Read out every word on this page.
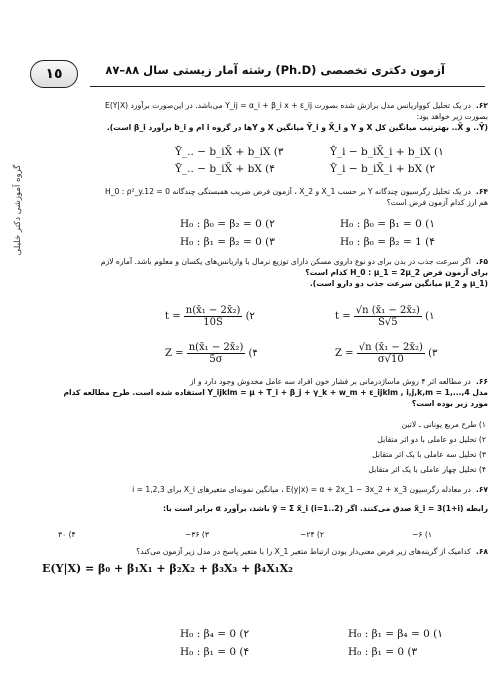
١٥	آزمون دکتری تخصصی (Ph.D) رشته آمار زیستی سال ۸۸–۸۷
گروه آموزشی دکتر خلیلی
۶۲.در یک تحلیل کوواریانس مدل برازش شده بصورت Y_ij = α_i + β_i x + ε_ij می‌باشد. در این‌صورت برآورد E(Y|X)
بصورت زیر خواهد بود:
(Ȳ.. و X̄.. بهترتیب میانگین کل X و Y و X̄_i و Ȳ_i میانگین X و Yها در گروه i ام و b_i برآورد β_i است).
Ȳ_i − b_iX̄_i + b_iX (١
Ȳ_i − b_iX̄_i + bX (٢
Ȳ_.. − b_iX̄ + b_iX (٣
Ȳ_.. − b_iX̄ + bX (۴
۶۴.در یک تحلیل رگرسیون چندگانه Y بر حسب X_1 و X_2 ، آزمون فرض ضریب همبستگی چندگانه H_0 : ρ²_y.12 = 0
هم ارز کدام آزمون فرض است؟
H₀ : β₀ = β₁ = 0 (١
H₀ : β₀ = β₂ = 1 (۴
H₀ : β₀ = β₂ = 0 (٢
H₀ : β₁ = β₂ = 0 (٣
۶۵.اگر سرعت جذب در بدن برای دو نوع داروی مسکن دارای توزیع نرمال با واریانس‌های یکسان و معلوم باشد. آماره لازم
برای آزمون فرض H_0 : μ_1 = 2μ_2 کدام است؟
(μ_1 و μ_2 میانگین سرعت جذب دو دارو است).
$t = \frac{\text{√n (x̄₁ − 2x̄₂)}}{S√5}$ (١
$t = \frac{\text{n(x̄₁ − 2x̄₂)}}{10S}$ (٢
$Z = \frac{\text{√n (x̄₁ − 2x̄₂)}}{\sigma√10}$ (٣
$Z = \frac{\text{n(x̄₁ − 2x̄₂)}}{5\sigma}$ (۴
۶۶.در مطالعه اثر ۴ روش ماساژدرمانی بر فشار خون افراد سه عامل مخدوش وجود دارد و از
مدل Y_ijklm = μ + T_i + β_j + γ_k + w_m + ε_ijklm , i,j,k,m = 1,...,4 استفاده شده است. طرح مطالعه کدام
مورد زیر بوده است؟
۱) طرح مربع یونانی ـ لاتین
۲) تحلیل دو عاملی با دو اثر متقابل
۳) تحلیل سه عاملی با یک اثر متقابل
۴) تحلیل چهار عاملی با یک اثر متقابل
۶۷.در معادله رگرسیون E(y|x) = α + 2x_1 − 3x_2 + x_3 ، میانگین نمونه‌ای متغیرهای X_i برای i = 1,2,3
رابطه x̄_i = 3(1+i) صدق می‌کنند. اگر ȳ = Σ x̄_i (i=1..2) باشد، برآورد α برابر است با:
−۶ (١
−۲۴ (٢
−۳۶ (٣
۳۰ (۴
۶۸.کدامیک از گزینه‌های زیر فرض معنی‌دار بودن ارتباط متغیر X_1 را با متغیر پاسخ در مدل زیر آزمون می‌کند؟
E(Y|X) = β₀ + β₁X₁ + β₂X₂ + β₃X₃ + β₄X₁X₂
H₀ : β₁ = β₄ = 0 (١
H₀ : β₁ = 0 (٣
H₀ : β₄ = 0 (٢
H₀ : β₁ = 0 (۴
